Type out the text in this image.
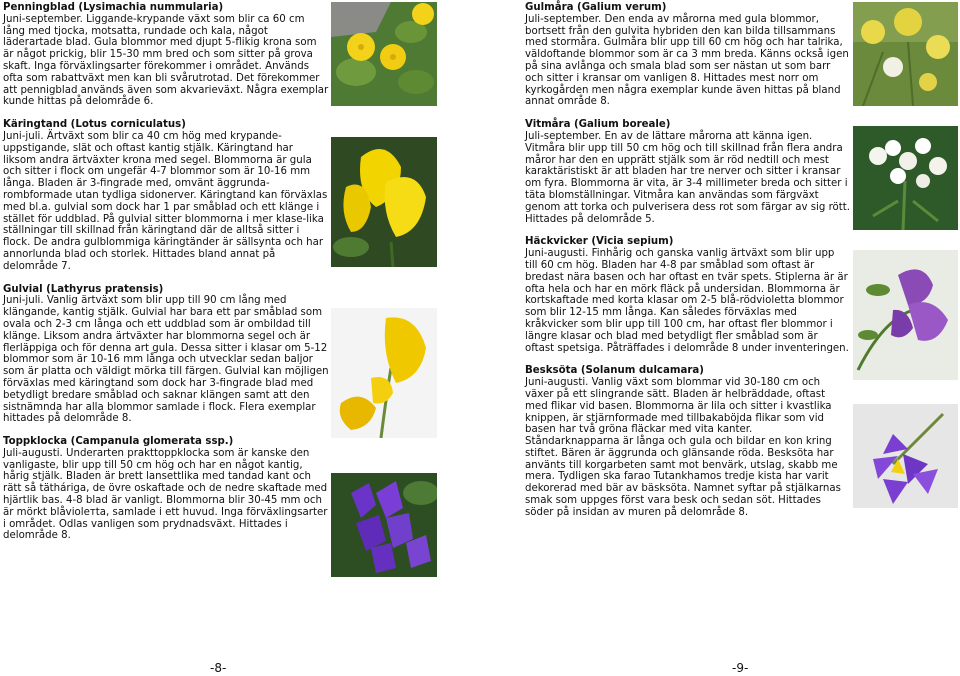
Penningblad (Lysimachia nummularia)
Juni-september. Liggande-krypande växt som blir ca 60 cm lång med tjocka, motsatta, rundade och kala, något läderartade blad. Gula blommor med djupt 5-flikig krona som är något prickig, blir 15-30 mm bred och som sitter på grova skaft. Inga förväxlingsarter förekommer i området. Används ofta som rabattväxt men kan bli svårutrotad. Det förekommer att pennigblad används även som akvarieväxt. Några exemplar kunde hittas på delområde 6.
Käringtand (Lotus corniculatus)
Juni-juli. Ärtväxt som blir ca 40 cm hög med krypande-uppstigande, slät och oftast kantig stjälk. Käringtand har liksom andra ärtväxter krona med segel. Blommorna är gula och sitter i flock om ungefär 4-7 blommor som är 10-16 mm långa. Bladen är 3-fingrade med, omvänt äggrunda-rombformade utan tydliga sidonerver. Käringtand kan förväxlas med bl.a. gulvial som dock har 1 par småblad och ett klänge i stället för uddblad. På gulvial sitter blommorna i mer klase-lika ställningar till skillnad från käringtand där de alltså sitter i flock. De andra gulblommiga käringtänder är sällsynta och har annorlunda blad och storlek. Hittades bland annat på delområde 7.
Gulvial (Lathyrus pratensis)
Juni-juli. Vanlig ärtväxt som blir upp till 90 cm lång med klängande, kantig stjälk. Gulvial har bara ett par småblad som ovala och 2-3 cm långa och ett uddblad som är ombildad till klänge. Liksom andra ärtväxter har blommorna segel och är flerläppiga och för denna art gula. Dessa sitter i klasar om 5-12 blommor som är 10-16 mm långa och utvecklar sedan baljor som är platta och väldigt mörka till färgen. Gulvial kan möjligen förväxlas med käringtand som dock har 3-fingrade blad med betydligt bredare småblad och saknar klängen samt att den sistnämnda har alla blommor samlade i flock. Flera exemplar hittades på delområde 8.
Toppklocka (Campanula glomerata ssp.)
Juli-augusti. Underarten prakttoppklocka som är kanske den vanligaste, blir upp till 50 cm hög och har en något kantig, hårig stjälk. Bladen är brett lansettlika med tandad kant och rätt så tätháriga, de övre oskaftade och de nedre skaftade med hjärtlik bas. 4-8 blad är vanligt. Blommorna blir 30-45 mm och är mörkt blåviolетta, samlade i ett huvud. Inga förväxlingsarter i området. Odlas vanligen som prydnadsväxt. Hittades i delområde 8.
-8-
Gulmåra (Galium verum)
Juli-september. Den enda av mårorna med gula blommor, bortsett från den gulvita hybriden den kan bilda tillsammans med stormåra. Gulmåra blir upp till 60 cm hög och har talrika, väldoftande blommor som är ca 3 mm breda. Känns också igen på sina avlånga och smala blad som ser nästan ut som barr och sitter i kransar om vanligen 8. Hittades mest norr om kyrkogården men några exemplar kunde även hittas på bland annat område 8.
Vitmåra (Galium boreale)
Juli-september. En av de lättare mårorna att känna igen. Vitmåra blir upp till 50 cm hög och till skillnad från flera andra måror har den en upprätt stjälk som är röd nedtill och mest karaktäristiskt är att bladen har tre nerver och sitter i kransar om fyra. Blommorna är vita, är 3-4 millimeter breda och sitter i täta blomställningar. Vitmåra kan användas som färgväxt genom att torka och pulverisera dess rot som färgar av sig rött. Hittades på delområde 5.
Häckvicker (Vicia sepium)
Juni-augusti. Finhårig och ganska vanlig ärtväxt som blir upp till 60 cm hög. Bladen har 4-8 par småblad som oftast är bredast nära basen och har oftast en tvär spets. Stiplerna är är ofta hela och har en mörk fläck på undersidan. Blommorna är kortskaftade med korta klasar om 2-5 blå-rödviolettа blommor som blir 12-15 mm långa. Kan således förväxlas med kråkvicker som blir upp till 100 cm, har oftast fler blommor i längre klasar och blad med betydligt fler småblad som är oftast spetsiga. Påträffades i delområde 8 under inventeringen.
Besksöta (Solanum dulcamara)
Juni-augusti. Vanlig växt som blommar vid 30-180 cm och växer på ett slingrande sätt. Bladen är helbräddade, oftast med flikar vid basen. Blommorna är lila och sitter i kvastlika knippen, är stjärnformade med tillbakaböjda flikar som vid basen har två gröna fläckar med vita kanter. Ståndarknapparna är långa och gula och bildar en kon kring stiftet. Bären är äggrunda och glänsande röda. Besksöta har använts till korgarbeten samt mot benvärk, utslag, skabb me mera. Tydligen ska farao Tutankhamos tredje kista har varit dekorerad med bär av bäsksöta. Namnet syftar på stjälkarnas smak som uppges först vara besk och sedan söt. Hittades söder på insidan av muren på delområde 8.
-9-
